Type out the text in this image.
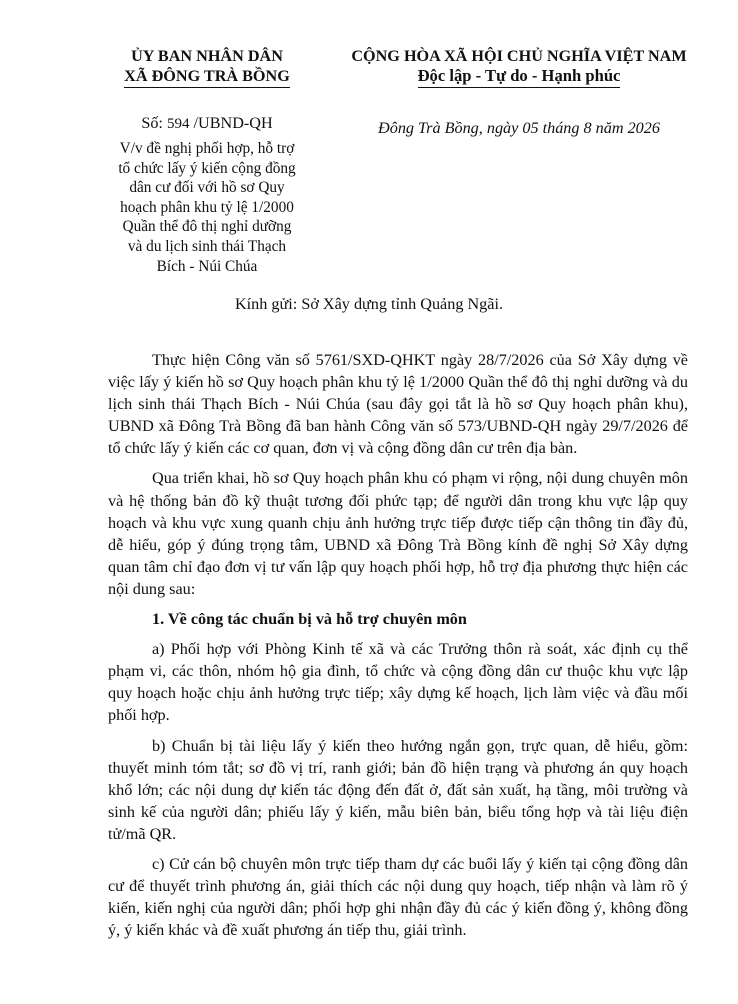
ỦY BAN NHÂN DÂN
XÃ ĐÔNG TRÀ BỒNG
Số: 594 /UBND-QH
V/v đề nghị phối hợp, hỗ trợ
tổ chức lấy ý kiến cộng đồng
dân cư đối với hồ sơ Quy
hoạch phân khu tỷ lệ 1/2000
Quần thể đô thị nghỉ dưỡng
và du lịch sinh thái Thạch
Bích - Núi Chúa
CỘNG HÒA XÃ HỘI CHỦ NGHĨA VIỆT NAM
Độc lập - Tự do - Hạnh phúc
Đông Trà Bồng, ngày 05 tháng 8 năm 2026
Kính gửi: Sở Xây dựng tỉnh Quảng Ngãi.

Thực hiện Công văn số 5761/SXD-QHKT ngày 28/7/2026 của Sở Xây dựng về việc lấy ý kiến hồ sơ Quy hoạch phân khu tỷ lệ 1/2000 Quần thể đô thị nghỉ dưỡng và du lịch sinh thái Thạch Bích - Núi Chúa (sau đây gọi tắt là hồ sơ Quy hoạch phân khu), UBND xã Đông Trà Bồng đã ban hành Công văn số 573/UBND-QH ngày 29/7/2026 để tổ chức lấy ý kiến các cơ quan, đơn vị và cộng đồng dân cư trên địa bàn.

Qua triển khai, hồ sơ Quy hoạch phân khu có phạm vi rộng, nội dung chuyên môn và hệ thống bản đồ kỹ thuật tương đối phức tạp; để người dân trong khu vực lập quy hoạch và khu vực xung quanh chịu ảnh hưởng trực tiếp được tiếp cận thông tin đầy đủ, dễ hiểu, góp ý đúng trọng tâm, UBND xã Đông Trà Bồng kính đề nghị Sở Xây dựng quan tâm chỉ đạo đơn vị tư vấn lập quy hoạch phối hợp, hỗ trợ địa phương thực hiện các nội dung sau:

1. Về công tác chuẩn bị và hỗ trợ chuyên môn

a) Phối hợp với Phòng Kinh tế xã và các Trưởng thôn rà soát, xác định cụ thể phạm vi, các thôn, nhóm hộ gia đình, tổ chức và cộng đồng dân cư thuộc khu vực lập quy hoạch hoặc chịu ảnh hưởng trực tiếp; xây dựng kế hoạch, lịch làm việc và đầu mối phối hợp.

b) Chuẩn bị tài liệu lấy ý kiến theo hướng ngắn gọn, trực quan, dễ hiểu, gồm: thuyết minh tóm tắt; sơ đồ vị trí, ranh giới; bản đồ hiện trạng và phương án quy hoạch khổ lớn; các nội dung dự kiến tác động đến đất ở, đất sản xuất, hạ tầng, môi trường và sinh kế của người dân; phiếu lấy ý kiến, mẫu biên bản, biểu tổng hợp và tài liệu điện tử/mã QR.

c) Cử cán bộ chuyên môn trực tiếp tham dự các buổi lấy ý kiến tại cộng đồng dân cư để thuyết trình phương án, giải thích các nội dung quy hoạch, tiếp nhận và làm rõ ý kiến, kiến nghị của người dân; phối hợp ghi nhận đầy đủ các ý kiến đồng ý, không đồng ý, ý kiến khác và đề xuất phương án tiếp thu, giải trình.
